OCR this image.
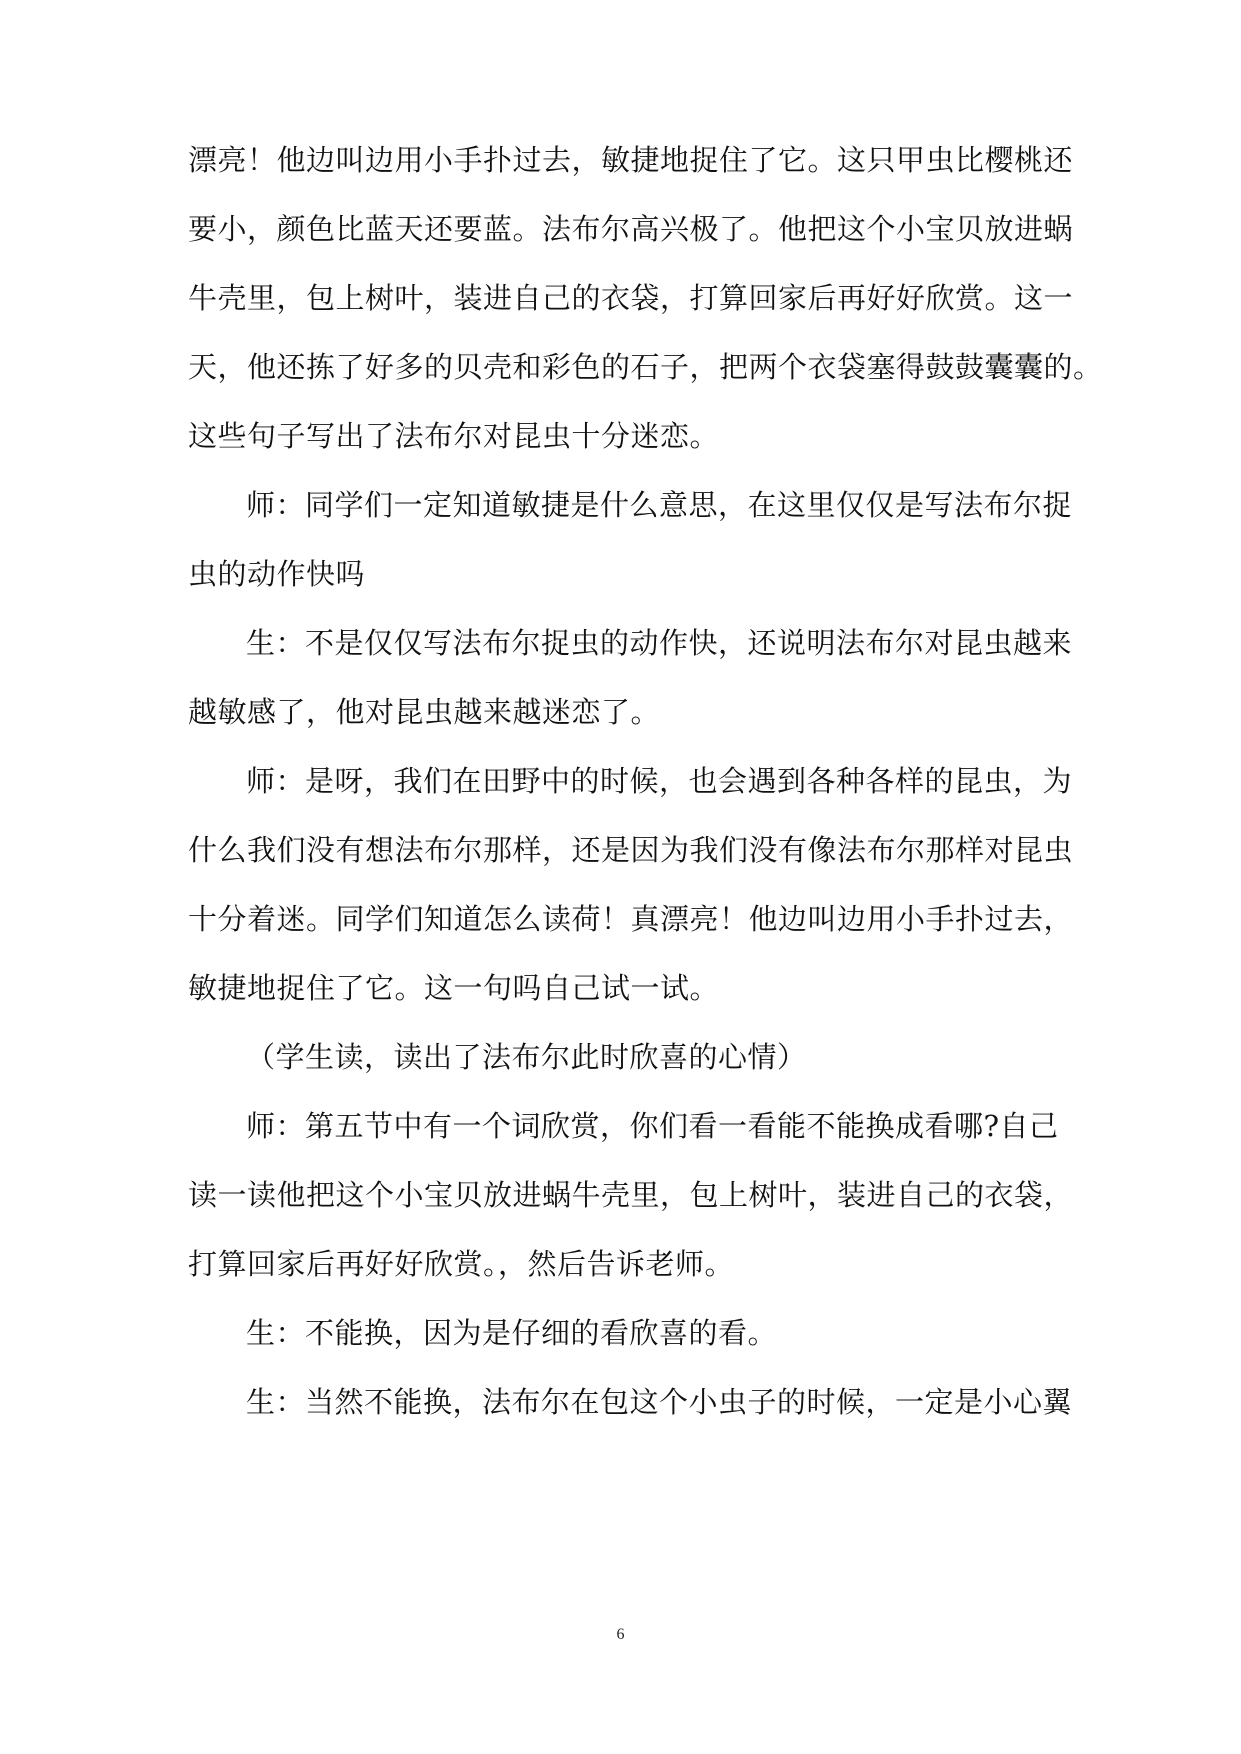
漂亮！他边叫边用小手扑过去，敏捷地捉住了它。这只甲虫比樱桃还
要小，颜色比蓝天还要蓝。法布尔高兴极了。他把这个小宝贝放进蜗
牛壳里，包上树叶，装进自己的衣袋，打算回家后再好好欣赏。这一
天，他还拣了好多的贝壳和彩色的石子，把两个衣袋塞得鼓鼓囊囊的。
这些句子写出了法布尔对昆虫十分迷恋。
师：同学们一定知道敏捷是什么意思，在这里仅仅是写法布尔捉
虫的动作快吗
生：不是仅仅写法布尔捉虫的动作快，还说明法布尔对昆虫越来
越敏感了，他对昆虫越来越迷恋了。
师：是呀，我们在田野中的时候，也会遇到各种各样的昆虫，为
什么我们没有想法布尔那样，还是因为我们没有像法布尔那样对昆虫
十分着迷。同学们知道怎么读荷！真漂亮！他边叫边用小手扑过去，
敏捷地捉住了它。这一句吗自己试一试。
（学生读，读出了法布尔此时欣喜的心情）
师：第五节中有一个词欣赏，你们看一看能不能换成看哪?自己
读一读他把这个小宝贝放进蜗牛壳里，包上树叶，装进自己的衣袋，
打算回家后再好好欣赏。，然后告诉老师。
生：不能换，因为是仔细的看欣喜的看。
生：当然不能换，法布尔在包这个小虫子的时候，一定是小心翼
6
